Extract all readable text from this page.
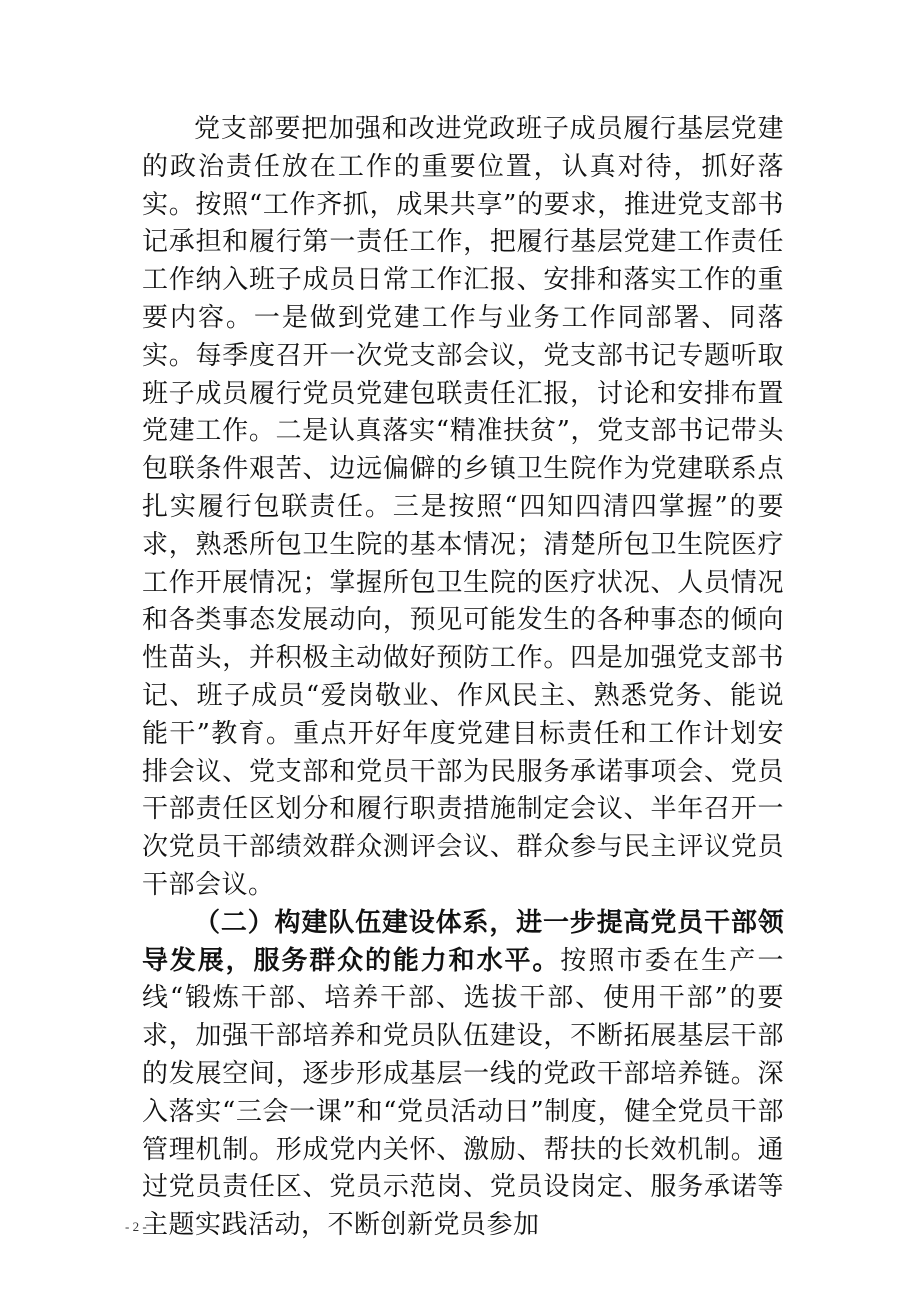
党支部要把加强和改进党政班子成员履行基层党建的政治责任放在工作的重要位置，认真对待，抓好落实。按照“工作齐抓，成果共享”的要求，推进党支部书记承担和履行第一责任工作，把履行基层党建工作责任工作纳入班子成员日常工作汇报、安排和落实工作的重要内容。一是做到党建工作与业务工作同部署、同落实。每季度召开一次党支部会议，党支部书记专题听取班子成员履行党员党建包联责任汇报，讨论和安排布置党建工作。二是认真落实“精准扶贫”，党支部书记带头包联条件艰苦、边远偏僻的乡镇卫生院作为党建联系点扎实履行包联责任。三是按照“四知四清四掌握”的要求，熟悉所包卫生院的基本情况；清楚所包卫生院医疗工作开展情况；掌握所包卫生院的医疗状况、人员情况和各类事态发展动向，预见可能发生的各种事态的倾向性苗头，并积极主动做好预防工作。四是加强党支部书记、班子成员“爱岗敬业、作风民主、熟悉党务、能说能干”教育。重点开好年度党建目标责任和工作计划安排会议、党支部和党员干部为民服务承诺事项会、党员干部责任区划分和履行职责措施制定会议、半年召开一次党员干部绩效群众测评会议、群众参与民主评议党员干部会议。

（二）构建队伍建设体系，进一步提高党员干部领导发展，服务群众的能力和水平。按照市委在生产一线“锻炼干部、培养干部、选拔干部、使用干部”的要求，加强干部培养和党员队伍建设，不断拓展基层干部的发展空间，逐步形成基层一线的党政干部培养链。深入落实“三会一课”和“党员活动日”制度，健全党员干部管理机制。形成党内关怀、激励、帮扶的长效机制。通过党员责任区、党员示范岗、党员设岗定、服务承诺等主题实践活动，不断创新党员参加

- 2 -
